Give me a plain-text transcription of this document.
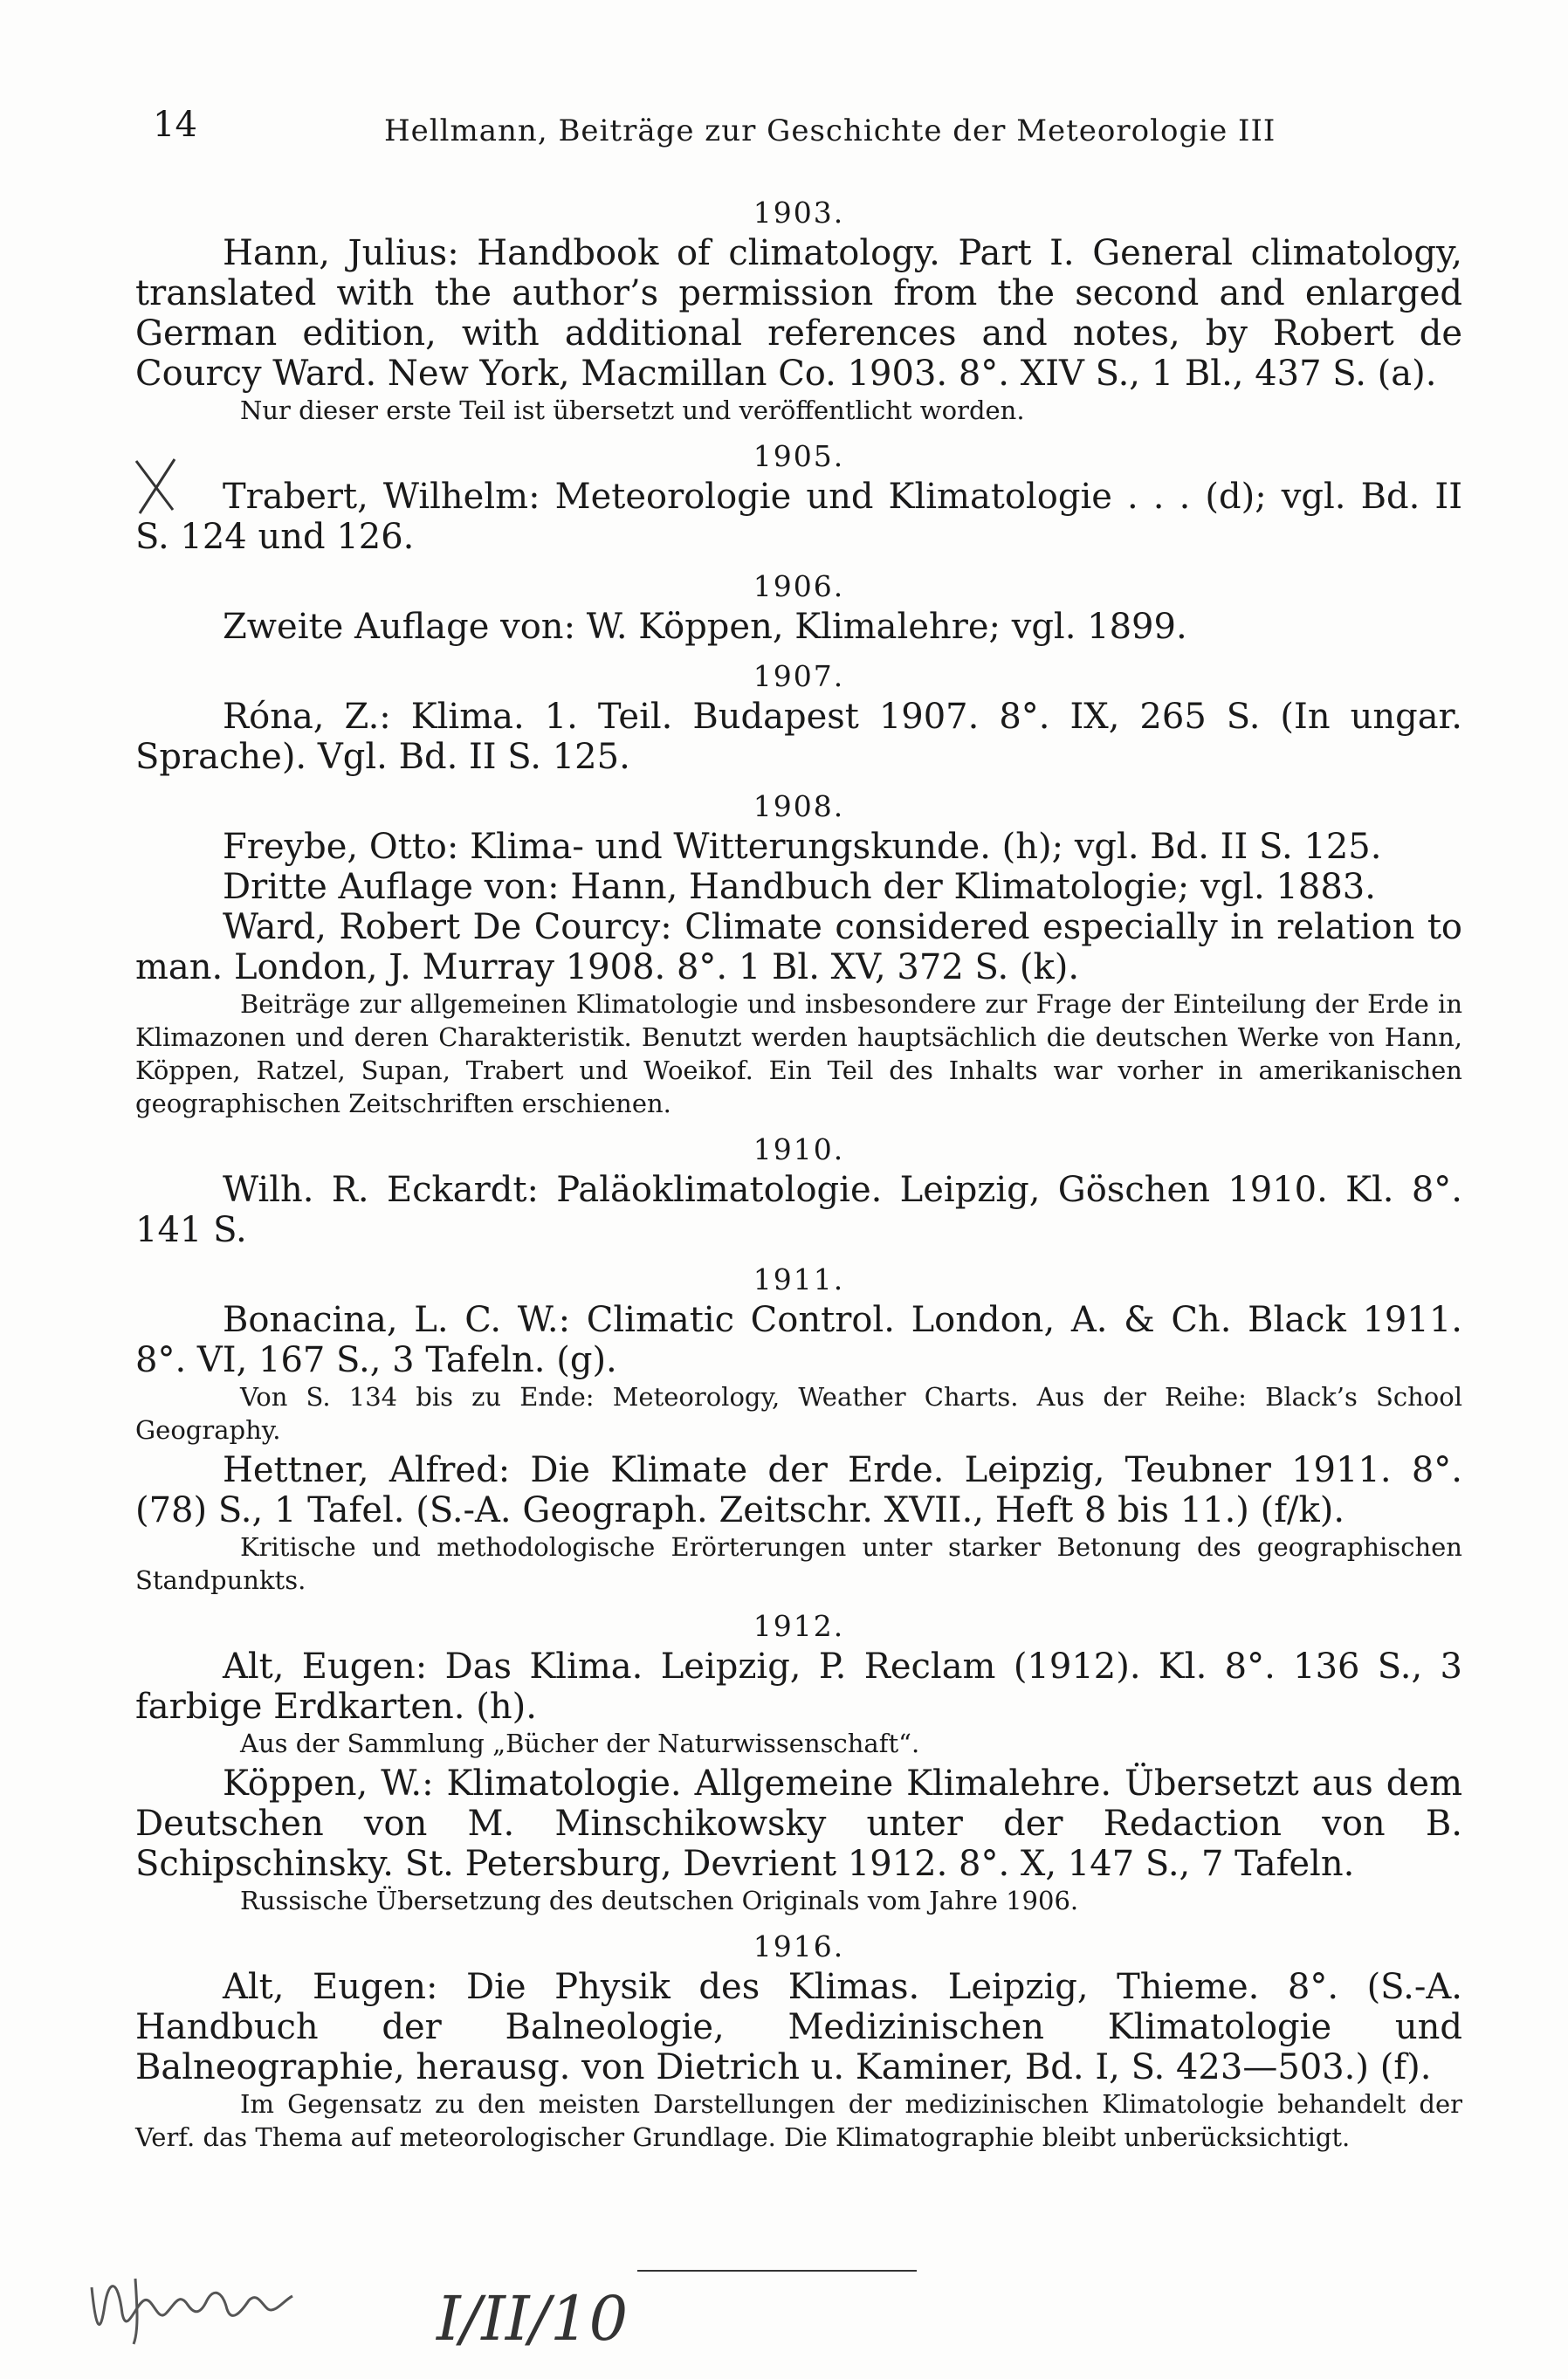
14	Hellmann, Beiträge zur Geschichte der Meteorologie III
1903.

Hann, Julius: Handbook of climatology. Part I. General climatology, translated with the author’s permission from the second and enlarged German edition, with additional references and notes, by Robert de Courcy Ward. New York, Macmillan Co. 1903. 8°. XIV S., 1 Bl., 437 S. (a).

Nur dieser erste Teil ist übersetzt und veröffentlicht worden.

1905.

Trabert, Wilhelm: Meteorologie und Klimatologie . . . (d); vgl. Bd. II S. 124 und 126.

1906.

Zweite Auflage von: W. Köppen, Klimalehre; vgl. 1899.

1907.

Róna, Z.: Klima. 1. Teil. Budapest 1907. 8°. IX, 265 S. (In ungar. Sprache). Vgl. Bd. II S. 125.

1908.

Freybe, Otto: Klima- und Witterungskunde. (h); vgl. Bd. II S. 125.

Dritte Auflage von: Hann, Handbuch der Klimatologie; vgl. 1883.

Ward, Robert De Courcy: Climate considered especially in relation to man. London, J. Murray 1908. 8°. 1 Bl. XV, 372 S. (k).

Beiträge zur allgemeinen Klimatologie und insbesondere zur Frage der Einteilung der Erde in Klimazonen und deren Charakteristik. Benutzt werden hauptsächlich die deutschen Werke von Hann, Köppen, Ratzel, Supan, Trabert und Woeikof. Ein Teil des Inhalts war vorher in amerikanischen geographischen Zeitschriften erschienen.

1910.

Wilh. R. Eckardt: Paläoklimatologie. Leipzig, Göschen 1910. Kl. 8°. 141 S.

1911.

Bonacina, L. C. W.: Climatic Control. London, A. & Ch. Black 1911. 8°. VI, 167 S., 3 Tafeln. (g).

Von S. 134 bis zu Ende: Meteorology, Weather Charts. Aus der Reihe: Black’s School Geography.

Hettner, Alfred: Die Klimate der Erde. Leipzig, Teubner 1911. 8°. (78) S., 1 Tafel. (S.-A. Geograph. Zeitschr. XVII., Heft 8 bis 11.) (f/k).

Kritische und methodologische Erörterungen unter starker Betonung des geographischen Standpunkts.

1912.

Alt, Eugen: Das Klima. Leipzig, P. Reclam (1912). Kl. 8°. 136 S., 3 farbige Erdkarten. (h).

Aus der Sammlung „Bücher der Naturwissenschaft“.

Köppen, W.: Klimatologie. Allgemeine Klimalehre. Übersetzt aus dem Deutschen von M. Minschikowsky unter der Redaction von B. Schipschinsky. St. Petersburg, Devrient 1912. 8°. X, 147 S., 7 Tafeln.

Russische Übersetzung des deutschen Originals vom Jahre 1906.

1916.

Alt, Eugen: Die Physik des Klimas. Leipzig, Thieme. 8°. (S.-A. Handbuch der Balneologie, Medizinischen Klimatologie und Balneographie, herausg. von Dietrich u. Kaminer, Bd. I, S. 423—503.) (f).

Im Gegensatz zu den meisten Darstellungen der medizinischen Klimatologie behandelt der Verf. das Thema auf meteorologischer Grundlage. Die Klimatographie bleibt unberücksichtigt.

I/II/10
